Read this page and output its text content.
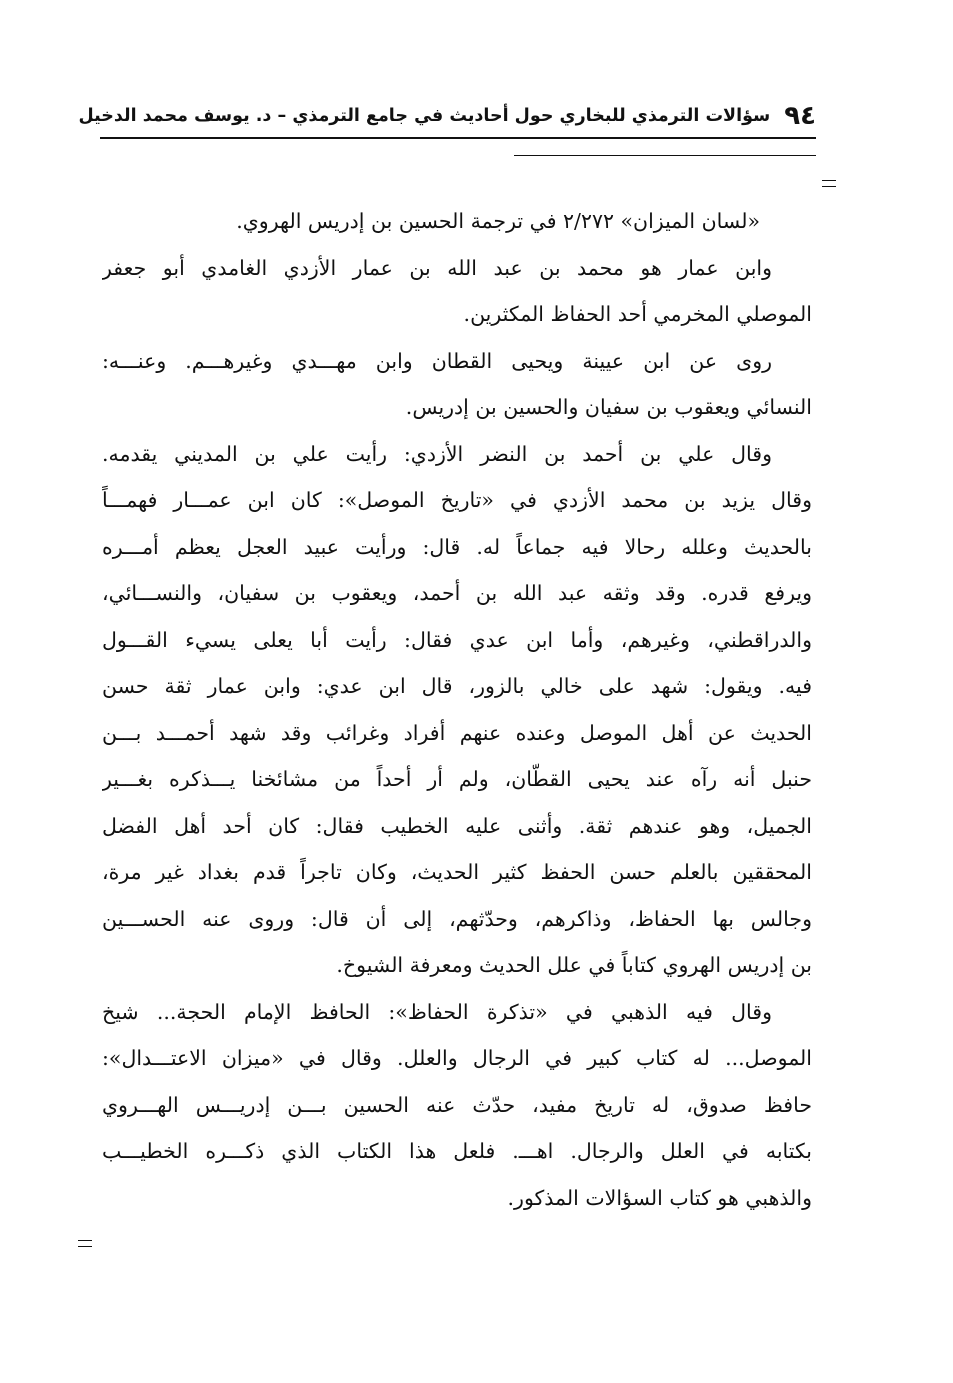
٩٤
سؤالات الترمذي للبخاري حول أحاديث في جامع الترمذي – د. يوسف محمد الدخيل
«لسان الميزان» ٢/٢٧٢ في ترجمة الحسين بن إدريس الهروي.
وابن عمار هو محمد بن عبد الله بن عمار الأزدي الغامدي أبو جعفر
الموصلي المخرمي أحد الحفاظ المكثرين.
روى عن ابن عيينة ويحيى القطان وابن مهـــدي وغيرهـــم. وعنـــه:
النسائي ويعقوب بن سفيان والحسين بن إدريس.
وقال علي بن أحمد بن النضر الأزدي: رأيت علي بن المديني يقدمه.
وقال يزيد بن محمد الأزدي في «تاريخ الموصل»: كان ابن عمـــار فهمـــاً
بالحديث وعلله رحالا فيه جماعاً له. قال: ورأيت عبيد العجل يعظم أمـــره
ويرفع قدره. وقد وثقه عبد الله بن أحمد، ويعقوب بن سفيان، والنســـائي،
والدراقطني، وغيرهم، وأما ابن عدي فقال: رأيت أبا يعلى يسيء القـــول
فيه. ويقول: شهد على خالي بالزور، قال ابن عدي: وابن عمار ثقة حسن
الحديث عن أهل الموصل وعنده عنهم أفراد وغرائب وقد شهد أحمـــد بـــن
حنبل أنه رآه عند يحيى القطّان، ولم أر أحداً من مشائخنا يـــذكره بغـــير
الجميل، وهو عندهم ثقة. وأثنى عليه الخطيب فقال: كان أحد أهل الفضل
المحققين بالعلم حسن الحفظ كثير الحديث، وكان تاجراً قدم بغداد غير مرة،
وجالس بها الحفاظ، وذاكرهم، وحدّثهم، إلى أن قال: وروى عنه الحســـين
بن إدريس الهروي كتاباً في علل الحديث ومعرفة الشيوخ.
وقال فيه الذهبي في «تذكرة الحفاظ»: الحافظ الإمام الحجة... شيخ
الموصل... له كتاب كبير في الرجال والعلل. وقال في «ميزان الاعتـــدال»:
حافظ صدوق، له تاريخ مفيد، حدّث عنه الحسين بـــن إدريـــس الهـــروي
بكتابه في العلل والرجال. اهـــ. فلعل هذا الكتاب الذي ذكـــره الخطيـــب
والذهبي هو كتاب السؤالات المذكور.
